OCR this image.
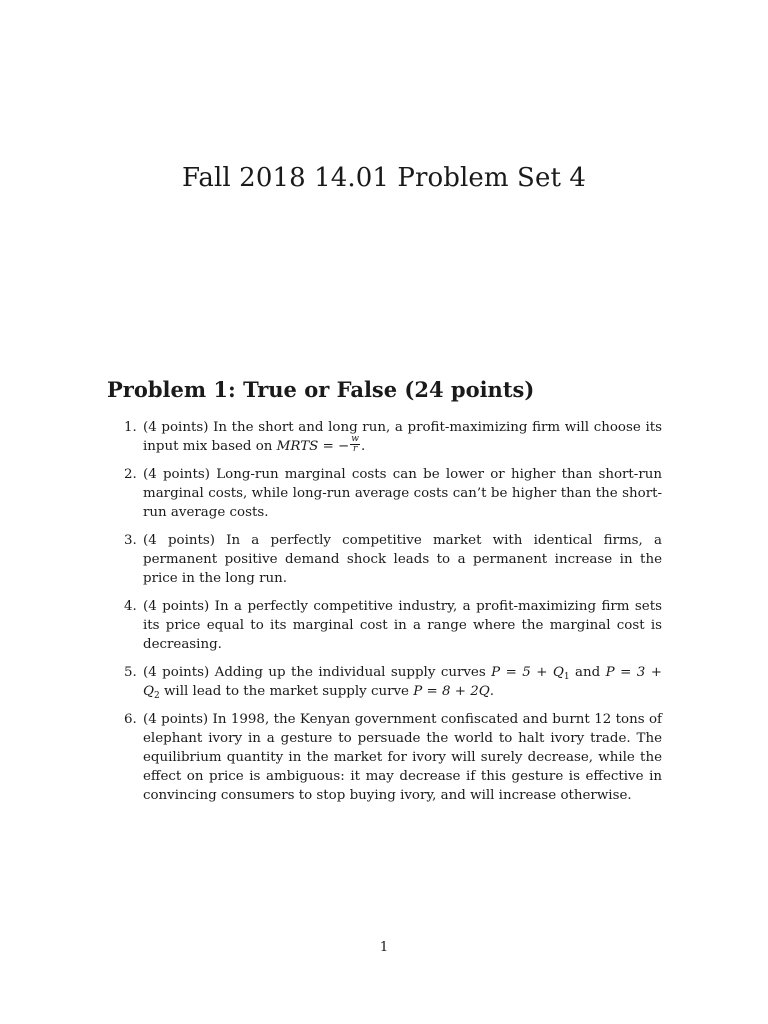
Fall 2018 14.01 Problem Set 4
Problem 1: True or False (24 points)
1. (4 points) In the short and long run, a profit-maximizing firm will choose its input mix based on MRTS = − $\frac{w}{r}$ .
2. (4 points) Long-run marginal costs can be lower or higher than short-run marginal costs, while long-run average costs can’t be higher than the short-run average costs.
3. (4 points) In a perfectly competitive market with identical firms, a permanent positive demand shock leads to a permanent increase in the price in the long run.
4. (4 points) In a perfectly competitive industry, a profit-maximizing firm sets its price equal to its marginal cost in a range where the marginal cost is decreasing.
5. (4 points) Adding up the individual supply curves $P = 5 + Q_1$ and $P = 3 + Q_2$ will lead to the market supply curve P = 8 + 2Q.
6. (4 points) In 1998, the Kenyan government confiscated and burnt 12 tons of elephant ivory in a gesture to persuade the world to halt ivory trade. The equilibrium quantity in the market for ivory will surely decrease, while the effect on price is ambiguous: it may decrease if this gesture is effective in convincing consumers to stop buying ivory, and will increase otherwise.
1
